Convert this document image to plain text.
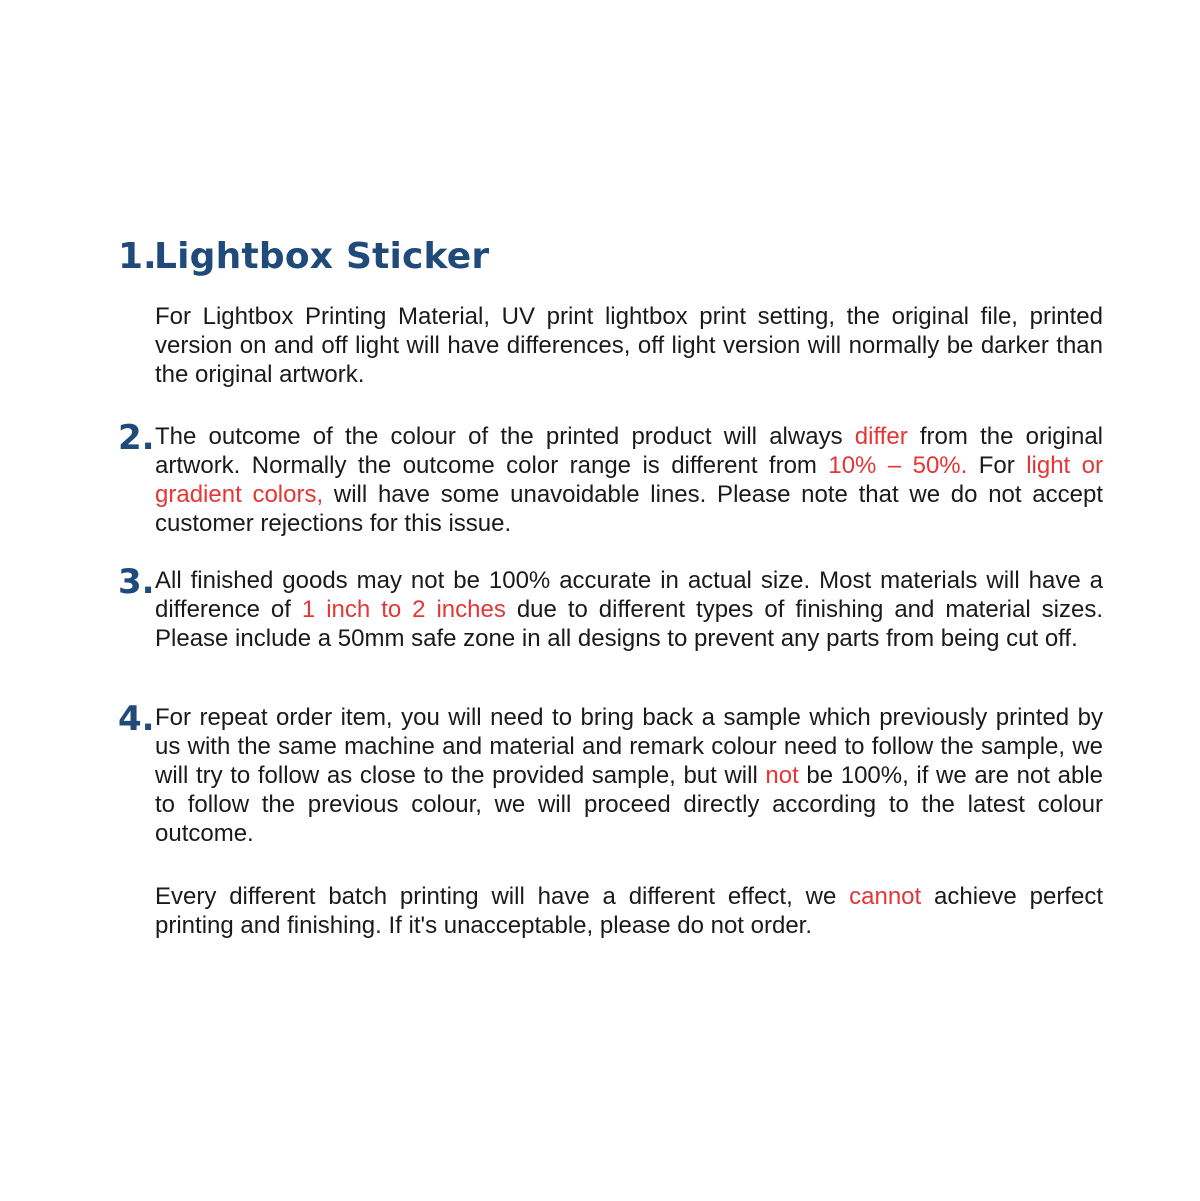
1.
Lightbox Sticker
For Lightbox Printing Material, UV print lightbox print setting, the original file, printed version on and off light will have differences, off light version will normally be darker than the original artwork.
2. The outcome of the colour of the printed product will always differ from the original artwork. Normally the outcome color range is different from 10% – 50%. For light or gradient colors, will have some unavoidable lines. Please note that we do not accept customer rejections for this issue.
3. All finished goods may not be 100% accurate in actual size. Most materials will have a difference of 1 inch to 2 inches due to different types of finishing and material sizes. Please include a 50mm safe zone in all designs to prevent any parts from being cut off.
4. For repeat order item, you will need to bring back a sample which previously printed by us with the same machine and material and remark colour need to follow the sample, we will try to follow as close to the provided sample, but will not be 100%, if we are not able to follow the previous colour, we will proceed directly according to the latest colour outcome.
Every different batch printing will have a different effect, we cannot achieve perfect printing and finishing. If it's unacceptable, please do not order.
